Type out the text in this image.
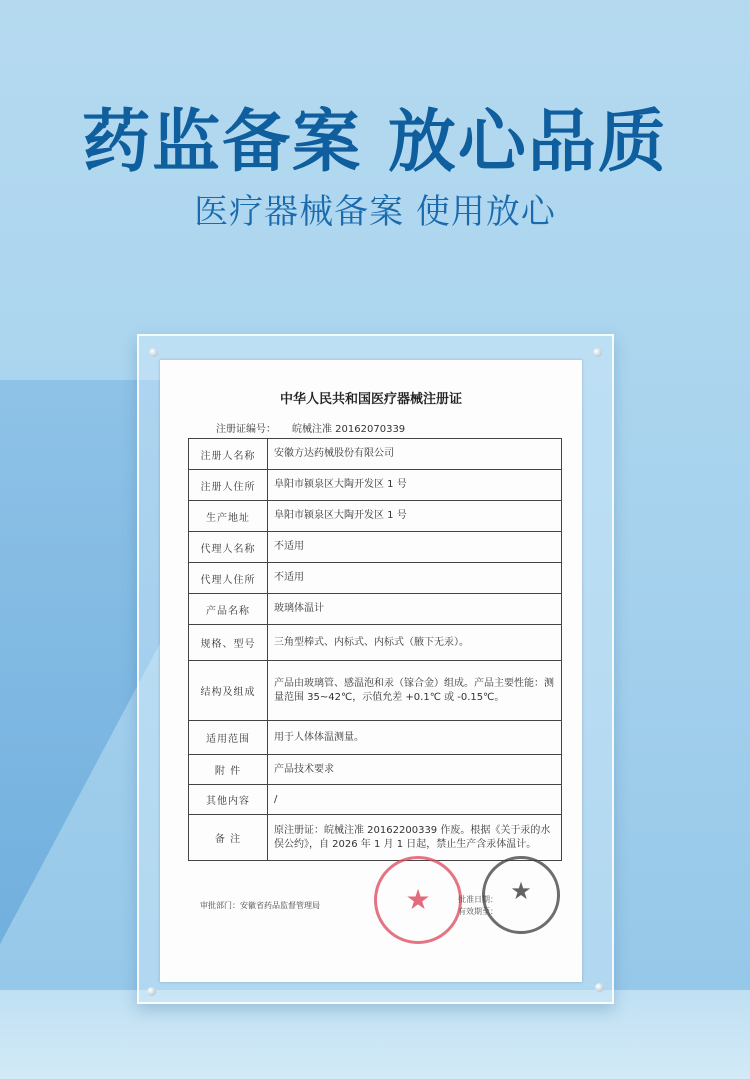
药监备案 放心品质
医疗器械备案 使用放心
中华人民共和国医疗器械注册证
注册证编号： 皖械注准 20162070339
注册人名称	安徽方达药械股份有限公司
注册人住所	阜阳市颍泉区大陶开发区 1 号
生产地址	阜阳市颍泉区大陶开发区 1 号
代理人名称	不适用
代理人住所	不适用
产品名称	玻璃体温计
规格、型号	三角型棒式、内标式、内标式（腋下无汞）。
结构及组成	产品由玻璃管、感温泡和汞（镓合金）组成。产品主要性能：测量范围 35~42℃，示值允差 +0.1℃ 或 -0.15℃。
适用范围	用于人体体温测量。
附 件	产品技术要求
其他内容	/
备 注	原注册证：皖械注准 20162200339 作废。根据《关于汞的水俣公约》，自 2026 年 1 月 1 日起，禁止生产含汞体温计。
审批部门：安徽省药品监督管理局	★	批准日期：
有效期至：
★
